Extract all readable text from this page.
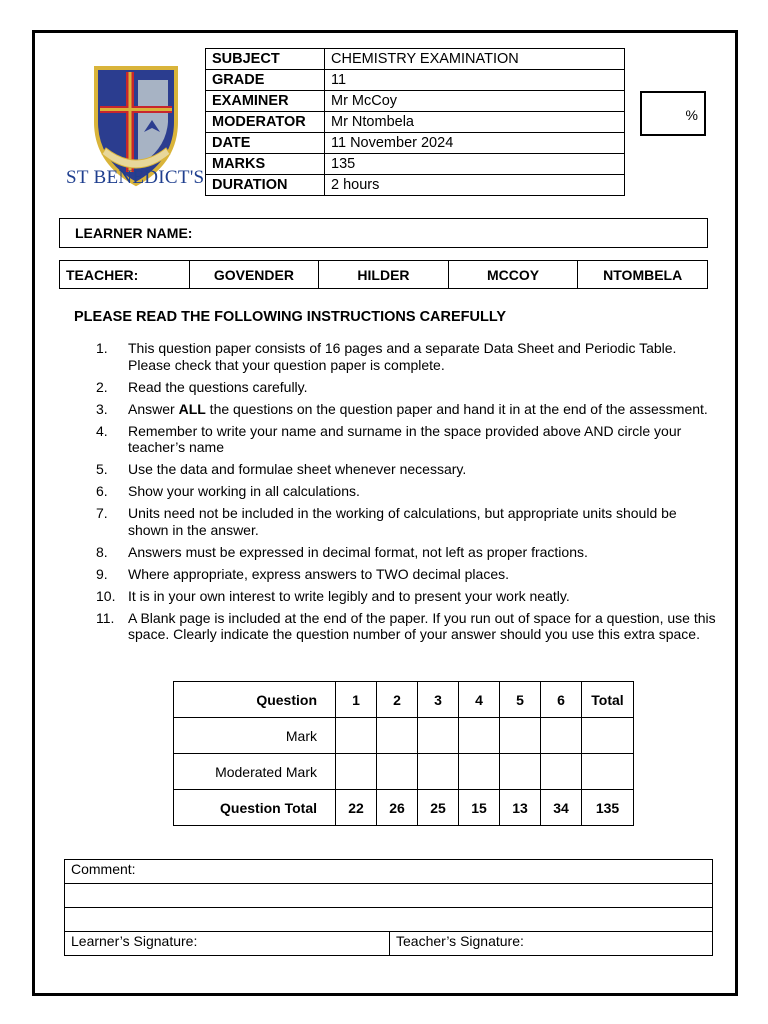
ST BENEDICT'S
SUBJECT	CHEMISTRY EXAMINATION
GRADE	11
EXAMINER	Mr McCoy
MODERATOR	Mr Ntombela
DATE	11 November 2024
MARKS	135
DURATION	2 hours
%
LEARNER NAME:
TEACHER:	GOVENDER	HILDER	MCCOY	NTOMBELA
PLEASE READ THE FOLLOWING INSTRUCTIONS CAREFULLY
1.	This question paper consists of 16 pages and a separate Data Sheet and Periodic Table. Please check that your question paper is complete.
2.	Read the questions carefully.
3.	Answer ALL the questions on the question paper and hand it in at the end of the assessment.
4.	Remember to write your name and surname in the space provided above AND circle your teacher’s name
5.	Use the data and formulae sheet whenever necessary.
6.	Show your working in all calculations.
7.	Units need not be included in the working of calculations, but appropriate units should be shown in the answer.
8.	Answers must be expressed in decimal format, not left as proper fractions.
9.	Where appropriate, express answers to TWO decimal places.
10. It is in your own interest to write legibly and to present your work neatly.
11. A Blank page is included at the end of the paper. If you run out of space for a question, use this space. Clearly indicate the question number of your answer should you use this extra space.
Question	1	2	3	4	5	6	Total
Mark							
Moderated Mark							
Question Total	22	26	25	15	13	34	135
Comment:

Learner’s Signature:	Teacher’s Signature:
